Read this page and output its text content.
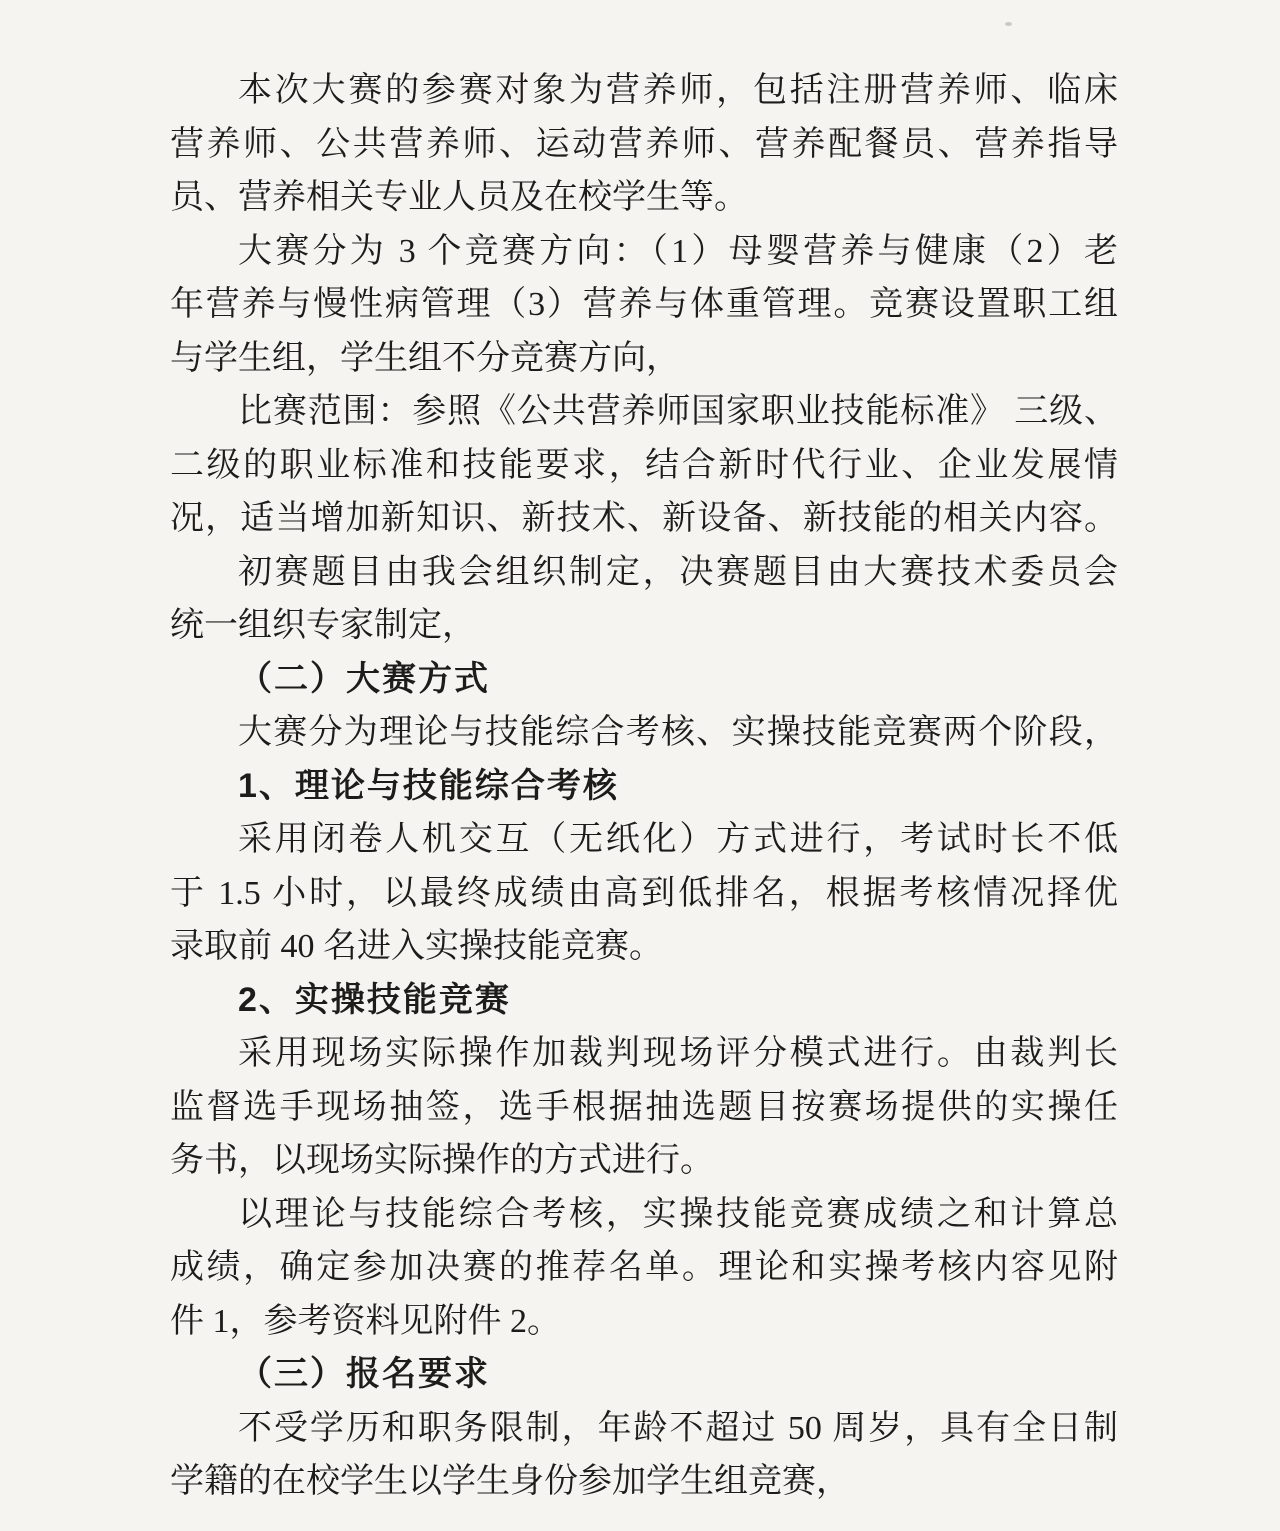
本次大赛的参赛对象为营养师，包括注册营养师、临床
营养师、公共营养师、运动营养师、营养配餐员、营养指导
员、营养相关专业人员及在校学生等。
大赛分为 3 个竞赛方向：（1）母婴营养与健康（2）老
年营养与慢性病管理（3）营养与体重管理。竞赛设置职工组
与学生组，学生组不分竞赛方向，
比赛范围：参照《公共营养师国家职业技能标准》 三级、
二级的职业标准和技能要求，结合新时代行业、企业发展情
况，适当增加新知识、新技术、新设备、新技能的相关内容。
初赛题目由我会组织制定，决赛题目由大赛技术委员会
统一组织专家制定，
（二）大赛方式
大赛分为理论与技能综合考核、实操技能竞赛两个阶段，
1、理论与技能综合考核
采用闭卷人机交互（无纸化）方式进行，考试时长不低
于 1.5 小时，以最终成绩由高到低排名，根据考核情况择优
录取前 40 名进入实操技能竞赛。
2、实操技能竞赛
采用现场实际操作加裁判现场评分模式进行。由裁判长
监督选手现场抽签，选手根据抽选题目按赛场提供的实操任
务书，以现场实际操作的方式进行。
以理论与技能综合考核，实操技能竞赛成绩之和计算总
成绩，确定参加决赛的推荐名单。理论和实操考核内容见附
件 1，参考资料见附件 2。
（三）报名要求
不受学历和职务限制，年龄不超过 50 周岁，具有全日制
学籍的在校学生以学生身份参加学生组竞赛，
